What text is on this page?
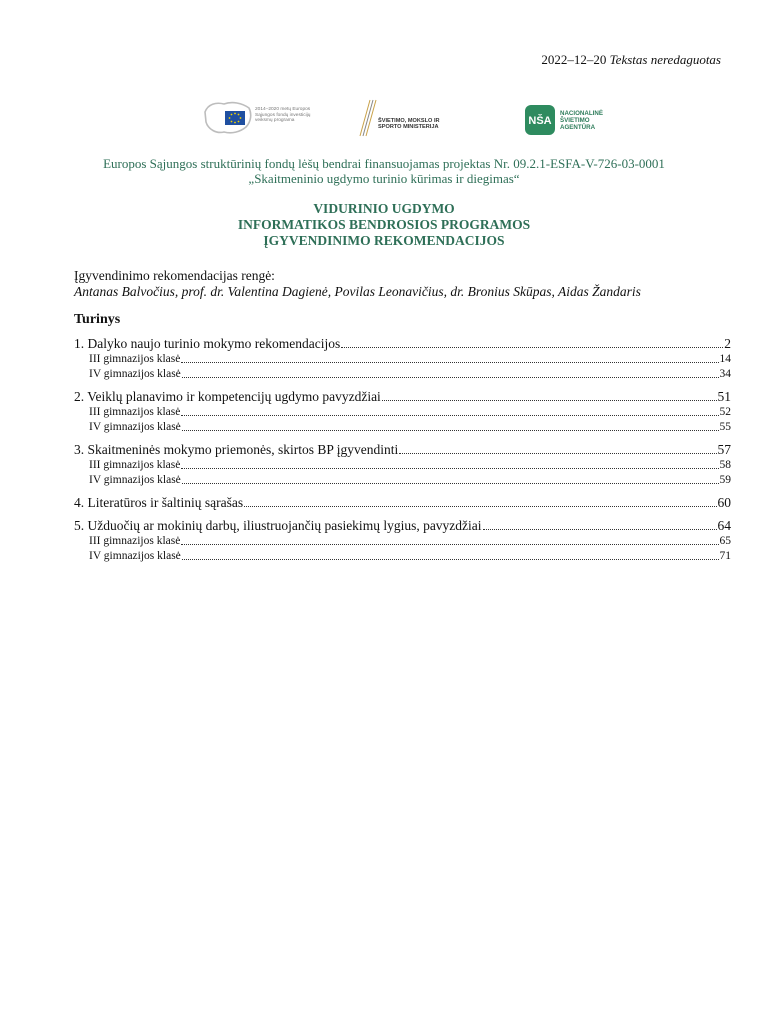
2022–12–20 Tekstas neredaguotas
2014–2020 metų Europos Sąjungos fondų investicijų veiksmų programa	ŠVIETIMO, MOKSLO IR SPORTO MINISTERIJA
NŠA
NACIONALINĖ ŠVIETIMO AGENTŪRA
Europos Sąjungos struktūrinių fondų lėšų bendrai finansuojamas projektas Nr. 09.2.1-ESFA-V-726-03-0001
„Skaitmeninio ugdymo turinio kūrimas ir diegimas“
VIDURINIO UGDYMO
INFORMATIKOS BENDROSIOS PROGRAMOS
ĮGYVENDINIMO REKOMENDACIJOS
Įgyvendinimo rekomendacijas rengė:
Antanas Balvočius, prof. dr. Valentina Dagienė, Povilas Leonavičius, dr. Bronius Skūpas, Aidas Žandaris
Turinys
1. Dalyko naujo turinio mokymo rekomendacijos	2
III gimnazijos klasė	14
IV gimnazijos klasė	34
2. Veiklų planavimo ir kompetencijų ugdymo pavyzdžiai	51
III gimnazijos klasė	52
IV gimnazijos klasė	55
3. Skaitmeninės mokymo priemonės, skirtos BP įgyvendinti	57
III gimnazijos klasė	58
IV gimnazijos klasė	59
4. Literatūros ir šaltinių sąrašas	60
5. Užduočių ar mokinių darbų, iliustruojančių pasiekimų lygius, pavyzdžiai	64
III gimnazijos klasė	65
IV gimnazijos klasė	71
